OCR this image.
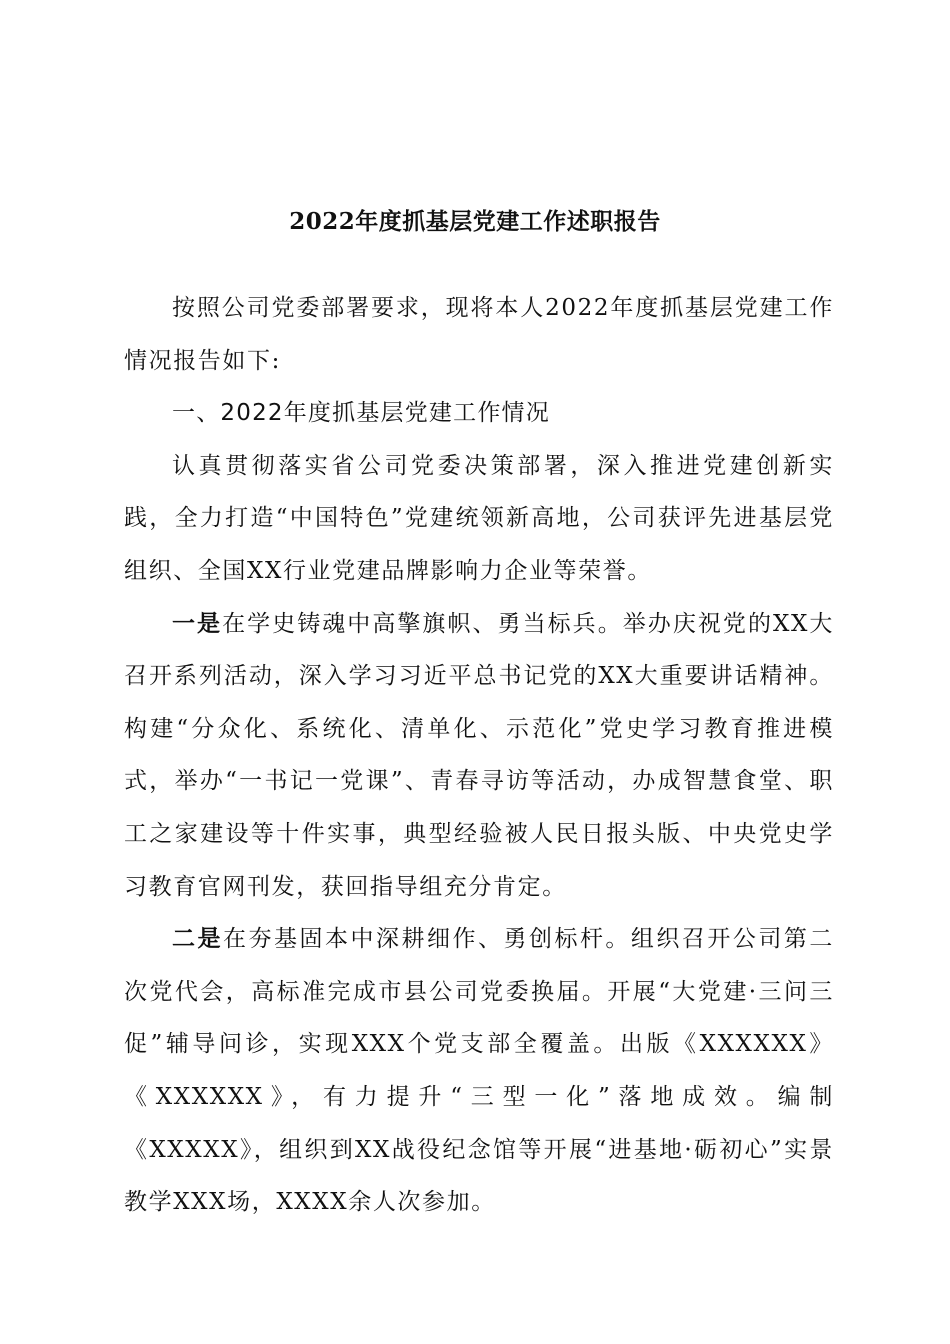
2022年度抓基层党建工作述职报告

按照公司党委部署要求，现将本人2022年度抓基层党建工作情况报告如下:

一、2022年度抓基层党建工作情况

认真贯彻落实省公司党委决策部署，深入推进党建创新实践，全力打造“中国特色”党建统领新高地，公司获评先进基层党组织、全国XX行业党建品牌影响力企业等荣誉。

一是在学史铸魂中高擎旗帜、勇当标兵。举办庆祝党的XX大召开系列活动，深入学习习近平总书记党的XX大重要讲话精神。构建“分众化、系统化、清单化、示范化”党史学习教育推进模式，举办“一书记一党课”、青春寻访等活动，办成智慧食堂、职工之家建设等十件实事，典型经验被人民日报头版、中央党史学习教育官网刊发，获回指导组充分肯定。

二是在夯基固本中深耕细作、勇创标杆。组织召开公司第二次党代会，高标准完成市县公司党委换届。开展“大党建·三问三促”辅导问诊，实现XXX个党支部全覆盖。出版《XXXXXX》《XXXXXX》，有力提升“三型一化”落地成效。编制《XXXXX》，组织到XX战役纪念馆等开展“进基地·砺初心”实景教学XXX场，XXXX余人次参加。
